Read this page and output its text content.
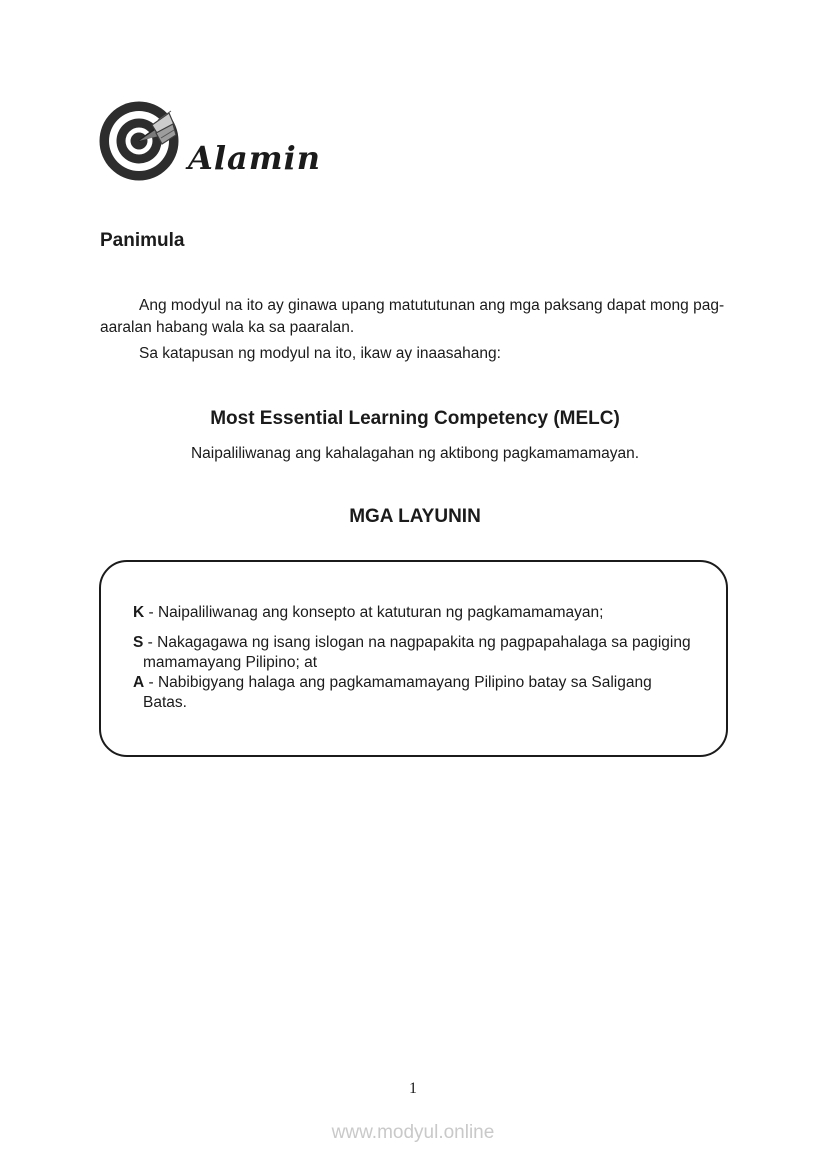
Alamin
Panimula
Ang modyul na ito ay ginawa upang matututunan ang mga paksang dapat mong pag-
aaralan habang wala ka sa paaralan.
Sa katapusan ng modyul na ito, ikaw ay inaasahang:
Most Essential Learning Competency (MELC)
Naipaliliwanag ang kahalagahan ng aktibong pagkamamamayan.
MGA LAYUNIN
K - Naipaliliwanag ang konsepto at katuturan ng pagkamamamayan;
S - Nakagagawa ng isang islogan na nagpapakita ng pagpapahalaga sa pagiging
mamamayang Pilipino; at
A - Nabibigyang halaga ang pagkamamamayang Pilipino batay sa Saligang
Batas.
1
www.modyul.online
